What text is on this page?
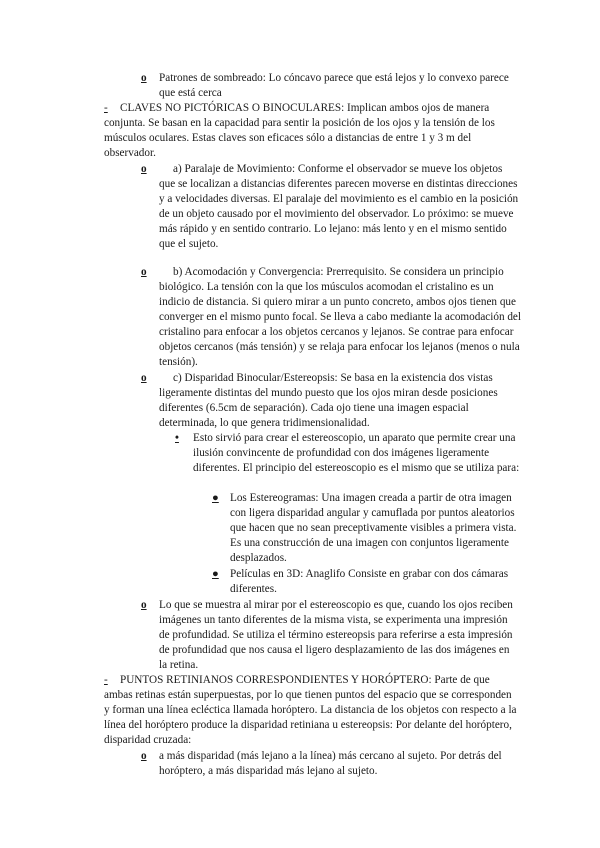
o	Patrones de sombreado: Lo cóncavo parece que está lejos y lo convexo parece que está cerca
-	CLAVES NO PICTÓRICAS O BINOCULARES: Implican ambos ojos de manera conjunta. Se basan en la capacidad para sentir la posición de los ojos y la tensión de los músculos oculares. Estas claves son eficaces sólo a distancias de entre 1 y 3 m del observador.
o	a) Paralaje de Movimiento: Conforme el observador se mueve los objetos que se localizan a distancias diferentes parecen moverse en distintas direcciones y a velocidades diversas. El paralaje del movimiento es el cambio en la posición de un objeto causado por el movimiento del observador. Lo próximo: se mueve más rápido y en sentido contrario. Lo lejano: más lento y en el mismo sentido que el sujeto.
o	b) Acomodación y Convergencia: Prerrequisito. Se considera un principio biológico. La tensión con la que los músculos acomodan el cristalino es un indicio de distancia. Si quiero mirar a un punto concreto, ambos ojos tienen que converger en el mismo punto focal. Se lleva a cabo mediante la acomodación del cristalino para enfocar a los objetos cercanos y lejanos. Se contrae para enfocar objetos cercanos (más tensión) y se relaja para enfocar los lejanos (menos o nula tensión).
o	c) Disparidad Binocular/Estereopsis: Se basa en la existencia dos vistas ligeramente distintas del mundo puesto que los ojos miran desde posiciones diferentes (6.5cm de separación). Cada ojo tiene una imagen espacial determinada, lo que genera tridimensionalidad.
•	Esto sirvió para crear el estereoscopio, un aparato que permite crear una ilusión convincente de profundidad con dos imágenes ligeramente diferentes. El principio del estereoscopio es el mismo que se utiliza para:
●	Los Estereogramas: Una imagen creada a partir de otra imagen con ligera disparidad angular y camuflada por puntos aleatorios que hacen que no sean preceptivamente visibles a primera vista. Es una construcción de una imagen con conjuntos ligeramente desplazados.
●	Películas en 3D: Anaglifo Consiste en grabar con dos cámaras diferentes.
o	Lo que se muestra al mirar por el estereoscopio es que, cuando los ojos reciben imágenes un tanto diferentes de la misma vista, se experimenta una impresión de profundidad. Se utiliza el término estereopsis para referirse a esta impresión de profundidad que nos causa el ligero desplazamiento de las dos imágenes en la retina.
-	PUNTOS RETINIANOS CORRESPONDIENTES Y HORÓPTERO: Parte de que ambas retinas están superpuestas, por lo que tienen puntos del espacio que se corresponden y forman una línea ecléctica llamada horóptero. La distancia de los objetos con respecto a la línea del horóptero produce la disparidad retiniana u estereopsis: Por delante del horóptero, disparidad cruzada:
o	a más disparidad (más lejano a la línea) más cercano al sujeto. Por detrás del horóptero, a más disparidad más lejano al sujeto.
